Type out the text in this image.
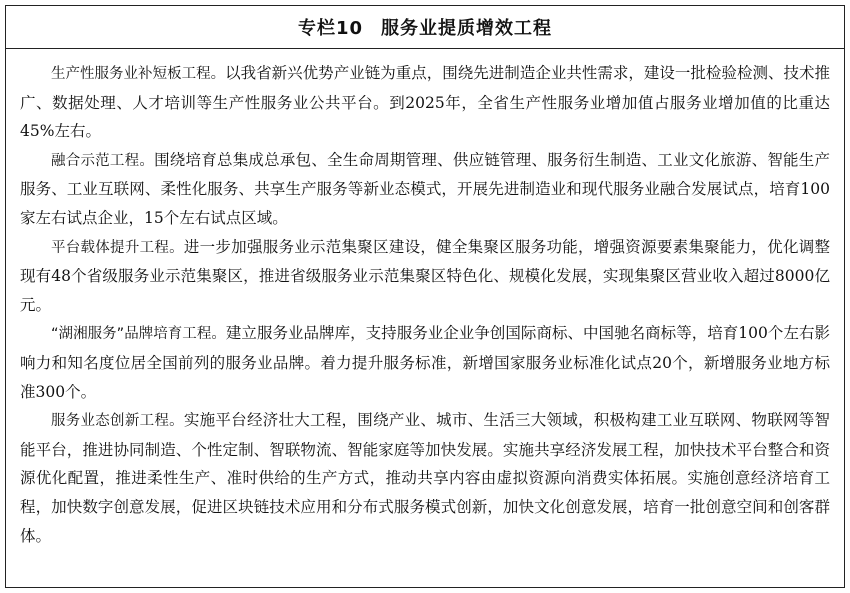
专栏10 服务业提质增效工程

生产性服务业补短板工程。以我省新兴优势产业链为重点，围绕先进制造企业共性需求，建设一批检验检测、技术推广、数据处理、人才培训等生产性服务业公共平台。到2025年，全省生产性服务业增加值占服务业增加值的比重达45%左右。

融合示范工程。围绕培育总集成总承包、全生命周期管理、供应链管理、服务衍生制造、工业文化旅游、智能生产服务、工业互联网、柔性化服务、共享生产服务等新业态模式，开展先进制造业和现代服务业融合发展试点，培育100家左右试点企业，15个左右试点区域。

平台载体提升工程。进一步加强服务业示范集聚区建设，健全集聚区服务功能，增强资源要素集聚能力，优化调整现有48个省级服务业示范集聚区，推进省级服务业示范集聚区特色化、规模化发展，实现集聚区营业收入超过8000亿元。

“湖湘服务”品牌培育工程。建立服务业品牌库，支持服务业企业争创国际商标、中国驰名商标等，培育100个左右影响力和知名度位居全国前列的服务业品牌。着力提升服务标准，新增国家服务业标准化试点20个，新增服务业地方标准300个。

服务业态创新工程。实施平台经济壮大工程，围绕产业、城市、生活三大领域，积极构建工业互联网、物联网等智能平台，推进协同制造、个性定制、智联物流、智能家庭等加快发展。实施共享经济发展工程，加快技术平台整合和资源优化配置，推进柔性生产、准时供给的生产方式，推动共享内容由虚拟资源向消费实体拓展。实施创意经济培育工程，加快数字创意发展，促进区块链技术应用和分布式服务模式创新，加快文化创意发展，培育一批创意空间和创客群体。
